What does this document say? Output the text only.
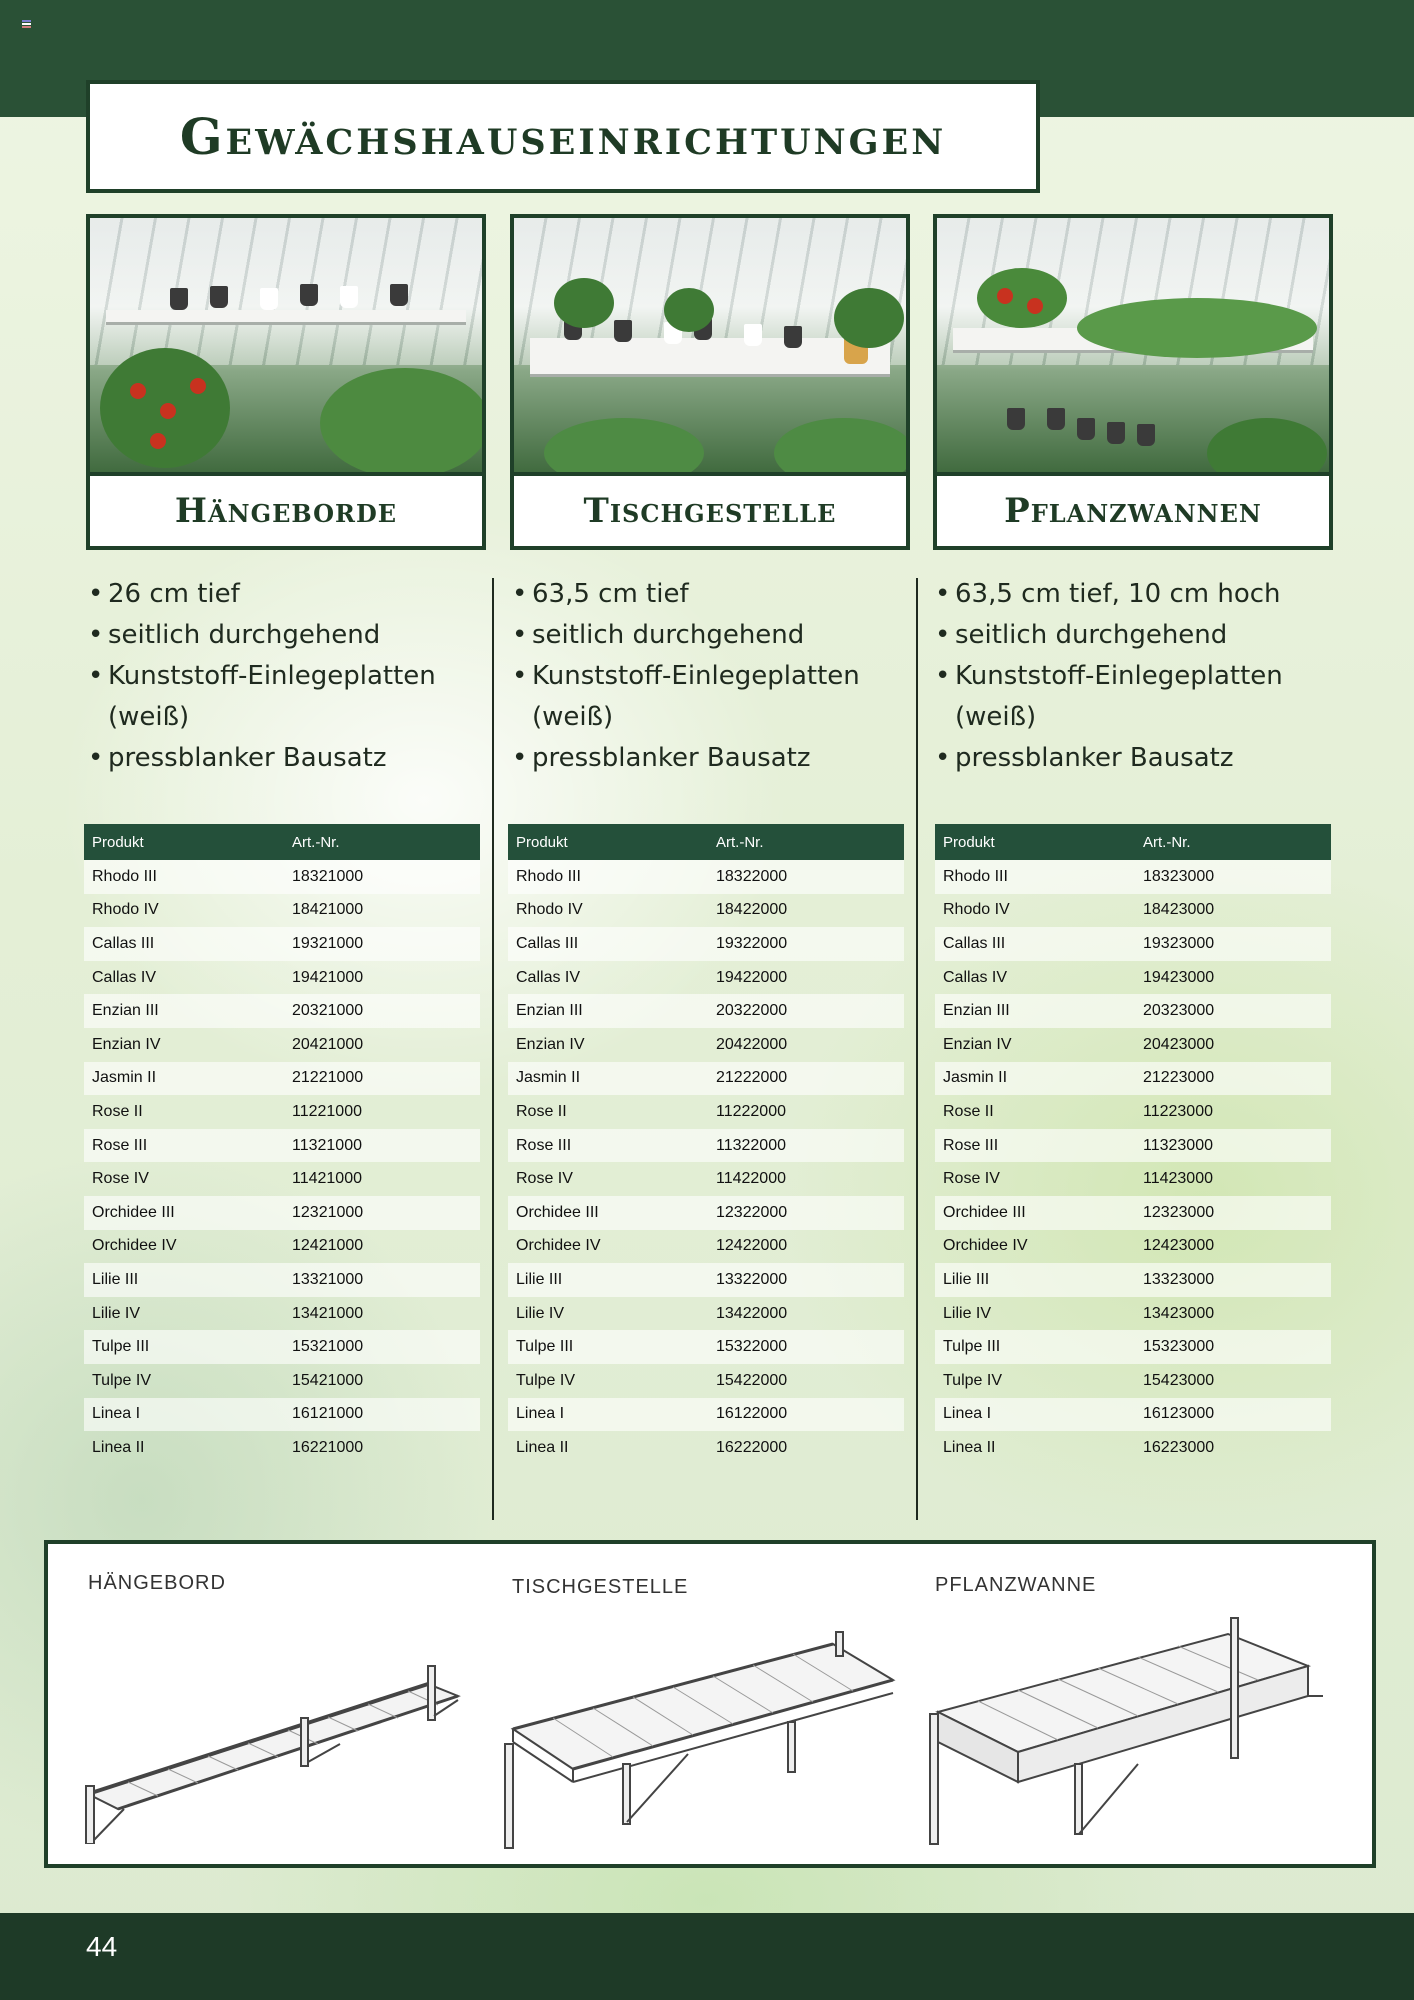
Gewächshauseinrichtungen
Hängeborde
• 26 cm tief
• seitlich durchgehend
• Kunststoff-Einlegeplatten (weiß)
• pressblanker Bausatz
Tischgestelle
• 63,5 cm tief
• seitlich durchgehend
• Kunststoff-Einlegeplatten (weiß)
• pressblanker Bausatz
Pflanzwannen
• 63,5 cm tief, 10 cm hoch
• seitlich durchgehend
• Kunststoff-Einlegeplatten (weiß)
• pressblanker Bausatz
Produkt	Art.-Nr.
Rhodo III	18321000
Rhodo IV	18421000
Callas III	19321000
Callas IV	19421000
Enzian III	20321000
Enzian IV	20421000
Jasmin II	21221000
Rose II	11221000
Rose III	11321000
Rose IV	11421000
Orchidee III	12321000
Orchidee IV	12421000
Lilie III	13321000
Lilie IV	13421000
Tulpe III	15321000
Tulpe IV	15421000
Linea I	16121000
Linea II	16221000
Produkt	Art.-Nr.
Rhodo III	18322000
Rhodo IV	18422000
Callas III	19322000
Callas IV	19422000
Enzian III	20322000
Enzian IV	20422000
Jasmin II	21222000
Rose II	11222000
Rose III	11322000
Rose IV	11422000
Orchidee III	12322000
Orchidee IV	12422000
Lilie III	13322000
Lilie IV	13422000
Tulpe III	15322000
Tulpe IV	15422000
Linea I	16122000
Linea II	16222000
Produkt	Art.-Nr.
Rhodo III	18323000
Rhodo IV	18423000
Callas III	19323000
Callas IV	19423000
Enzian III	20323000
Enzian IV	20423000
Jasmin II	21223000
Rose II	11223000
Rose III	11323000
Rose IV	11423000
Orchidee III	12323000
Orchidee IV	12423000
Lilie III	13323000
Lilie IV	13423000
Tulpe III	15323000
Tulpe IV	15423000
Linea I	16123000
Linea II	16223000
HÄNGEBORD	TISCHGESTELLE	PFLANZWANNE
44
